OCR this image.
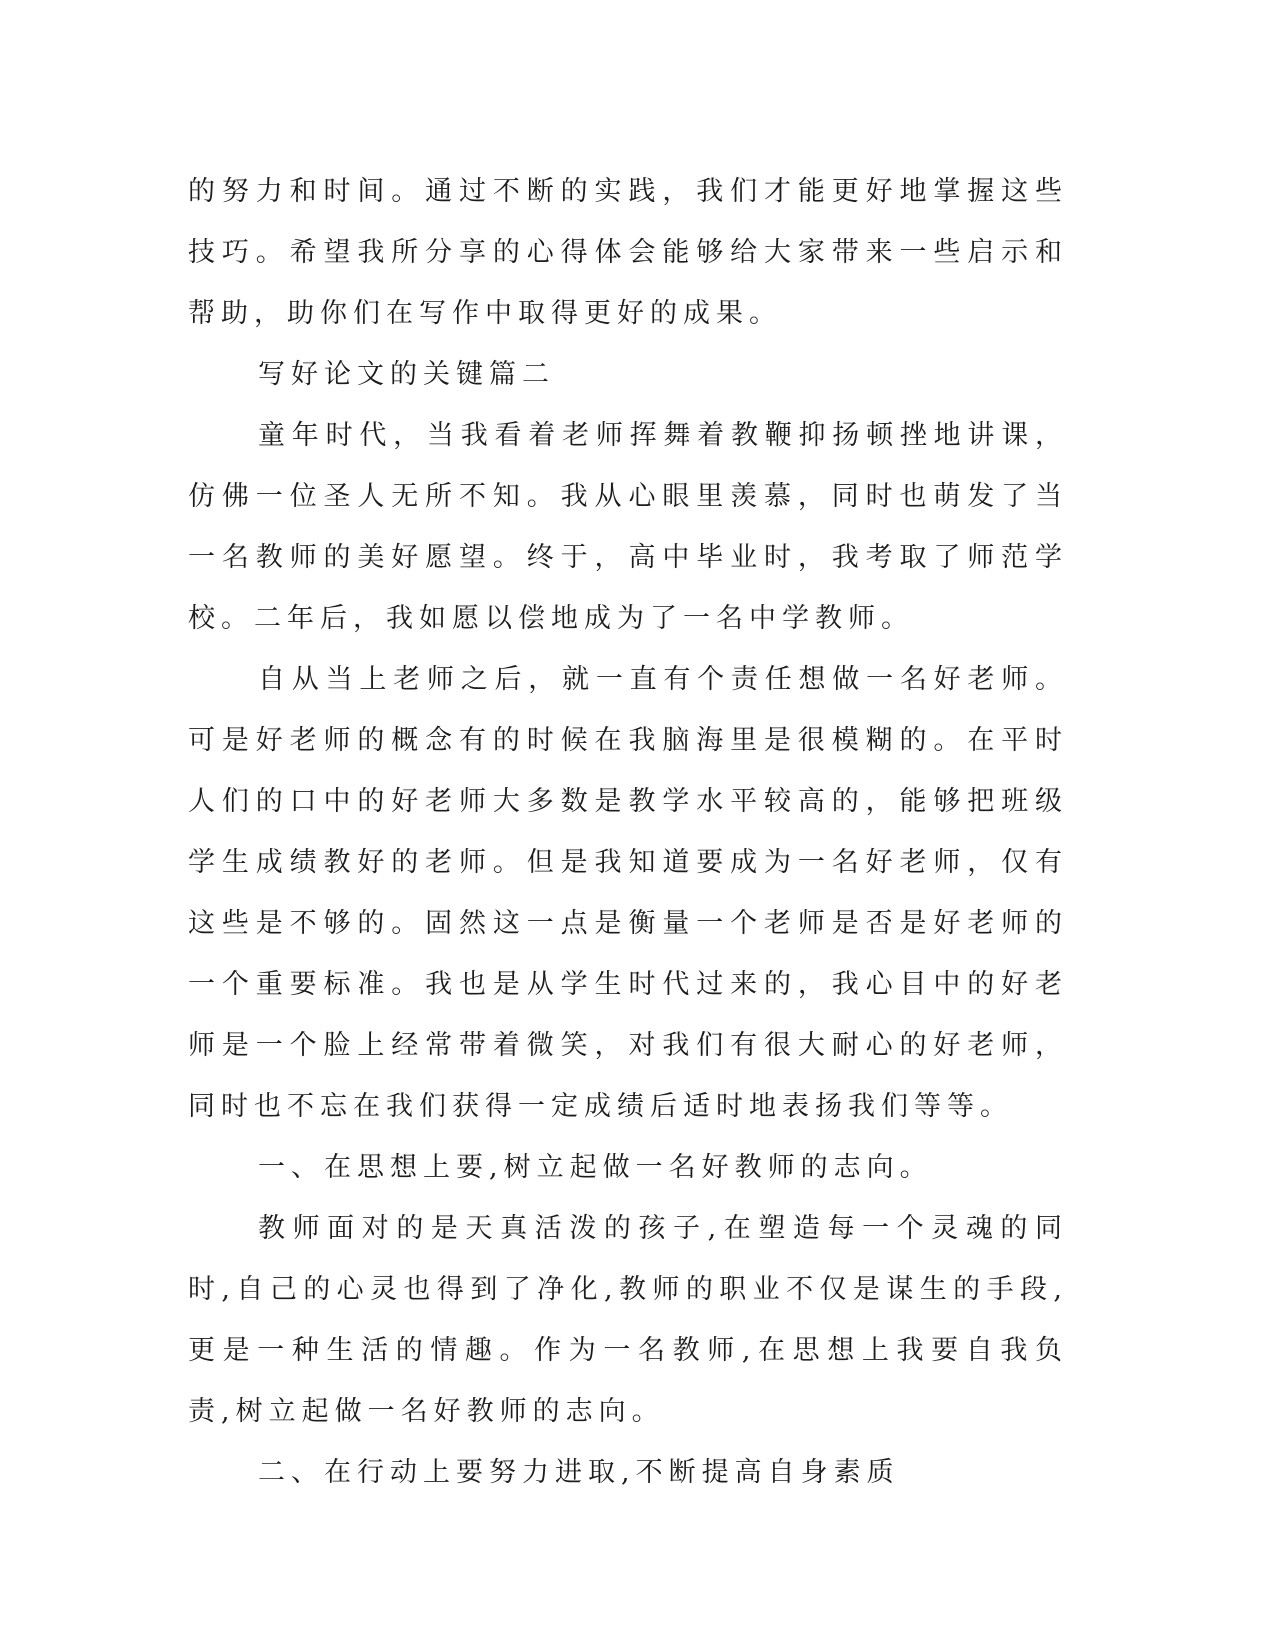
的努力和时间。通过不断的实践，我们才能更好地掌握这些技巧。希望我所分享的心得体会能够给大家带来一些启示和帮助，助你们在写作中取得更好的成果。

写好论文的关键篇二

童年时代，当我看着老师挥舞着教鞭抑扬顿挫地讲课，仿佛一位圣人无所不知。我从心眼里羡慕，同时也萌发了当一名教师的美好愿望。终于，高中毕业时，我考取了师范学校。二年后，我如愿以偿地成为了一名中学教师。

自从当上老师之后，就一直有个责任想做一名好老师。可是好老师的概念有的时候在我脑海里是很模糊的。在平时人们的口中的好老师大多数是教学水平较高的，能够把班级学生成绩教好的老师。但是我知道要成为一名好老师，仅有这些是不够的。固然这一点是衡量一个老师是否是好老师的一个重要标准。我也是从学生时代过来的，我心目中的好老师是一个脸上经常带着微笑，对我们有很大耐心的好老师，同时也不忘在我们获得一定成绩后适时地表扬我们等等。

一、在思想上要,树立起做一名好教师的志向。

教师面对的是天真活泼的孩子,在塑造每一个灵魂的同时,自己的心灵也得到了净化,教师的职业不仅是谋生的手段,更是一种生活的情趣。作为一名教师,在思想上我要自我负责,树立起做一名好教师的志向。

二、在行动上要努力进取,不断提高自身素质
